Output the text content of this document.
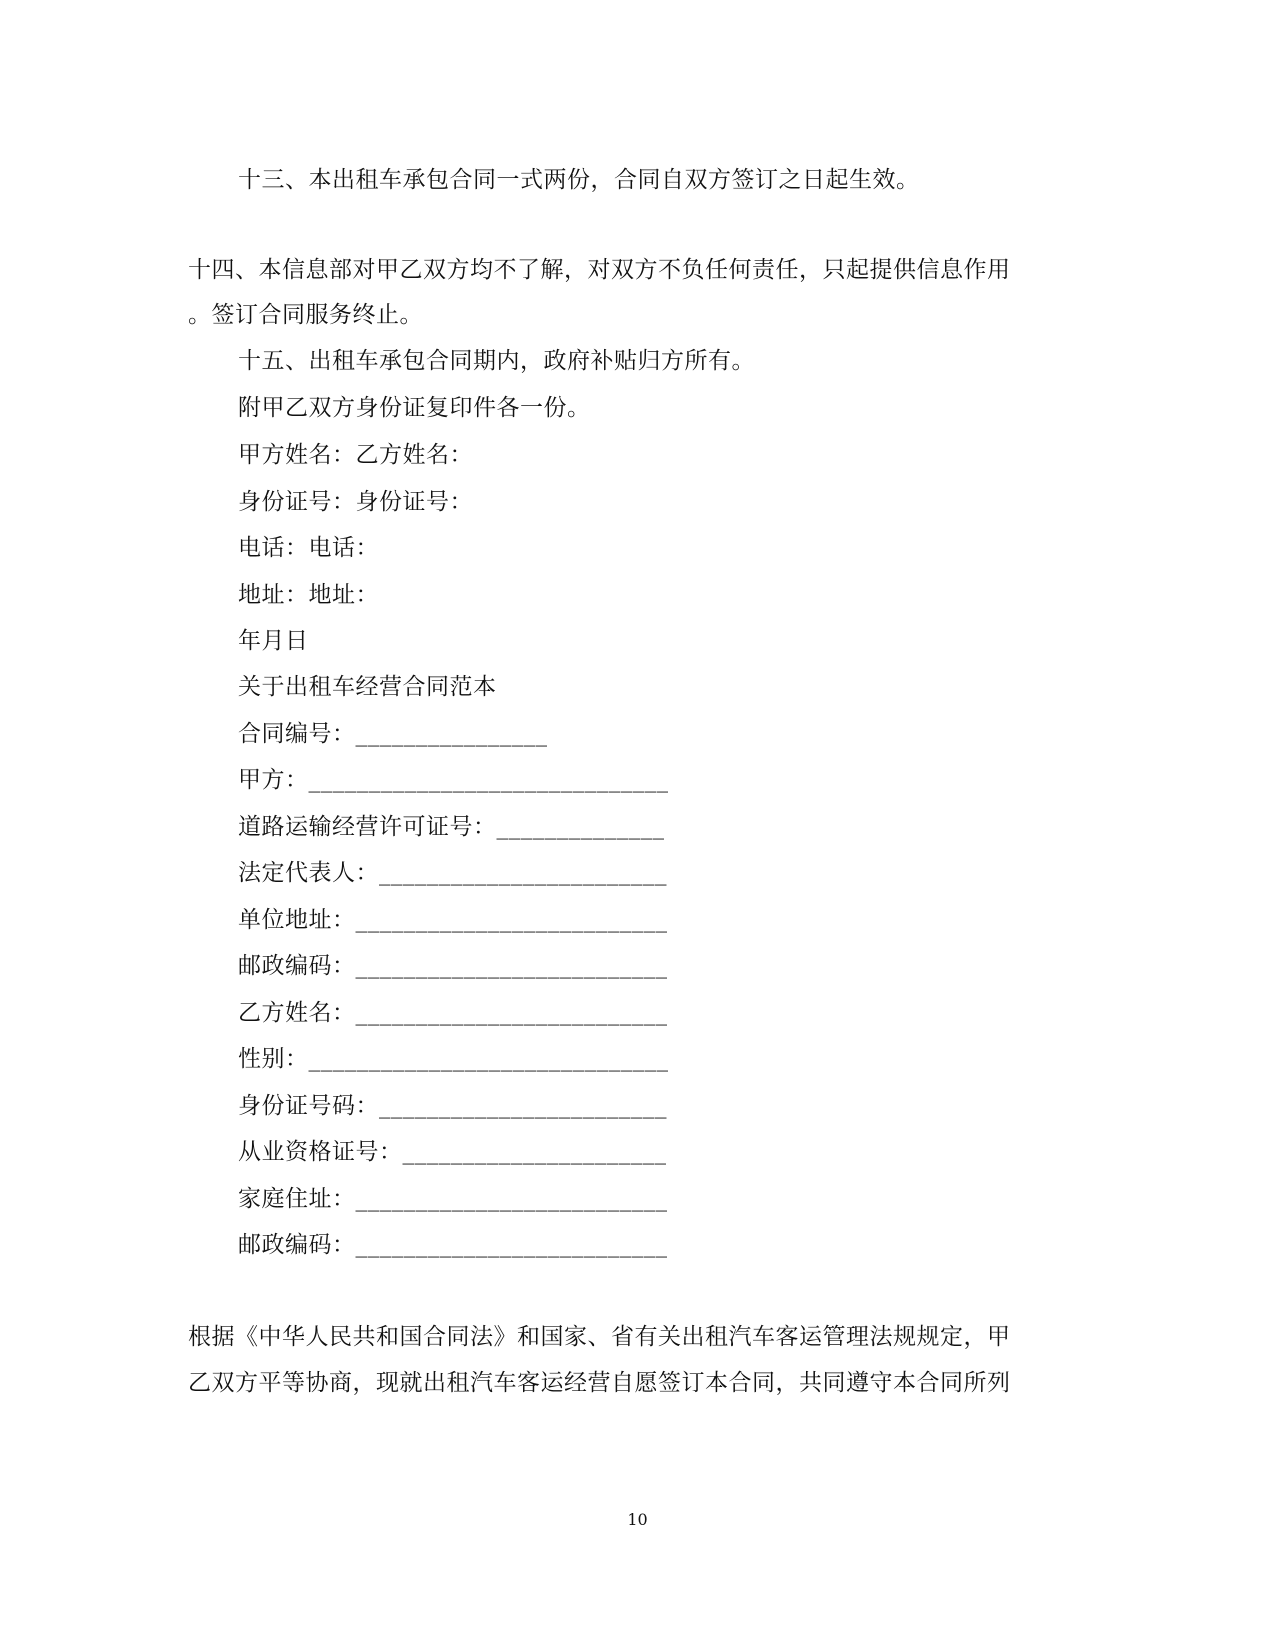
十三、本出租车承包合同一式两份，合同自双方签订之日起生效。
十四、本信息部对甲乙双方均不了解，对双方不负任何责任，只起提供信息作用
。签订合同服务终止。
十五、出租车承包合同期内，政府补贴归方所有。
附甲乙双方身份证复印件各一份。
甲方姓名：乙方姓名：
身份证号：身份证号：
电话：电话：
地址：地址：
年月日
关于出租车经营合同范本
合同编号：________________
甲方：______________________________
道路运输经营许可证号：______________
法定代表人：________________________
单位地址：__________________________
邮政编码：__________________________
乙方姓名：__________________________
性别：______________________________
身份证号码：________________________
从业资格证号：______________________
家庭住址：__________________________
邮政编码：__________________________
根据《中华人民共和国合同法》和国家、省有关出租汽车客运管理法规规定，甲
乙双方平等协商，现就出租汽车客运经营自愿签订本合同，共同遵守本合同所列
10
